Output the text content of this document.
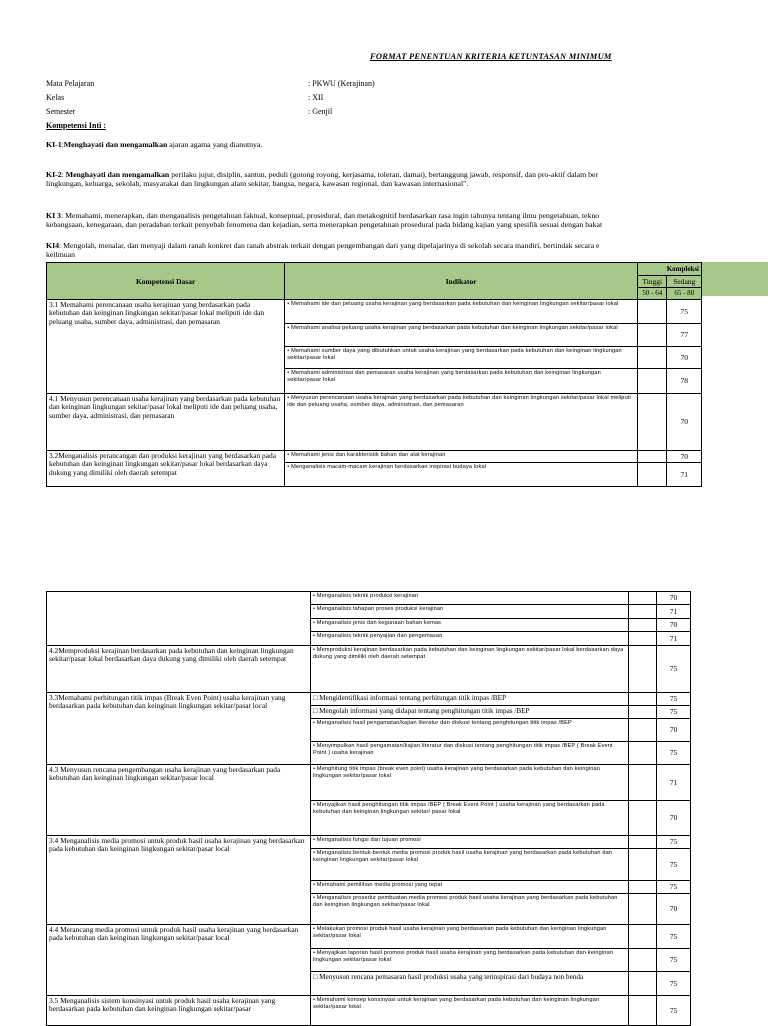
FORMAT PENENTUAN KRITERIA KETUNTASAN MINIMUM
Mata Pelajaran	: PKWU (Kerajinan)
Kelas	: XII
Semester	: Genjil
Kompetensi Inti :
KI-1:Menghayati dan mengamalkan ajaran agama yang dianutnya.
KI-2: Menghayati dan mengamalkan perilaku jujur, disiplin, santun, peduli (gotong royong, kerjasama, toleran, damai), bertanggung jawab, responsif, dan pro-aktif dalam ber
lingkungan, keluarga, sekolah, masyarakat dan lingkungan alam sekitar, bangsa, negara, kawasan regional, dan kawasan internasional".
KI 3: Memahami, menerapkan, dan menganalisis pengetahuan faktual, konseptual, prosedural, dan metakognitif berdasarkan rasa ingin tahunya tentang ilmu pengetahuan, tekno
kebangsaan, kenegaraan, dan peradaban terkait penyebab fenomena dan kejadian, serta menerapkan pengetahuan prosedural pada bidang kajian yang spesifik sesuai dengan bakat
KI4: Mengolah, menalar, dan menyaji dalam ranah konkret dan ranah abstrak terkait dengan pengembangan dari yang dipelajarinya di sekolah secara mandiri, bertindak secara e
keilmuan
Kompetensi Dasar	Indikator	Kompleksi	
		Tinggi	Sedang
		50 - 64	65 - 80
3.1 Memahami perencanaan usaha kerajinan yang berdasarkan pada kebutuhan dan keinginan lingkungan sekitar/pasar lokal meliputi ide dan peluang usaha, sumber daya, administrasi, dan pemasaran	• Memahami ide dan peluang usaha kerajinan yang berdasarkan pada kebutuhan dan keinginan lingkungan sekitar/pasar lokal		75
	• Memahami analisa peluang usaha kerajinan yang berdasarkan pada kebutuhan dan keinginan lingkungan sekitar/pasar lokal		77
	• Memahami sumber daya yang dibutuhkan untuk usaha kerajinan yang berdasarkan pada kebutuhan dan keinginan lingkungan sekitar/pasar lokal		70
	• Memahami administrasi dan pemasaran usaha kerajinan yang berdasarkan pada kebutuhan dan keinginan lingkungan sekitar/pasar lokal		78
4.1 Menyusun perencanaan usaha kerajinan yang berdasarkan pada kebutuhan dan keinginan lingkungan sekitar/pasar lokal meliputi ide dan peluang usaha, sumber daya, administrasi, dan pemasaran	• Menyusun perencanaan usaha kerajinan yang berdasarkan pada kebutuhan dan keinginan lingkungan sekitar/pasar lokal meliputi ide dan peluang usaha, sumber daya, administrasi, dan pemasaran		70
3.2Menganalisis perancangan dan produksi kerajinan yang berdasarkan pada kebutuhan dan keinginan lingkungan sekitar/pasar lokal berdasarkan daya dukung yang dimiliki oleh daerah setempat	• Memahami jenis dan karakteristik bahan dan alat kerajinan		70
	• Menganalisis macam-macam kerajinan berdasarkan inspirasi budaya lokal		71
	• Menganalisis teknik produksi kerajinan		70
	• Menganalisis tahapan proses produksi kerajinan		71
	• Menganalisis jenis dan kegunaan bahan kemas		70
	• Menganalisis teknik penyajian dan pengemasan		71
4.2Memproduksi kerajinan berdasarkan pada kebutuhan dan keinginan lingkungan sekitar/pasar lokal berdasarkan daya dukung yang dimiliki oleh daerah setempat	• Memproduksi kerajinan berdasarkan pada kebutuhan dan keinginan lingkungan sekitar/pasar lokal berdasarkan daya dukung yang dimiliki oleh daerah setempat		75
3.3Memahami perhitungan titik impas (Break Even Point) usaha kerajinan yang berdasarkan pada kebutuhan dan keinginan lingkungan sekitar/pasar local	□ Mengidentifikasi informasi tentang perhitungan titik impas /BEP		75
	□ Mengolah informasi yang didapat tentang penghitungan titik impas /BEP		75
	• Menganalisis hasil pengamatan/kajian literatur dan diskusi tentang penghitungan titik impas /BEP		70
	• Menyimpulkan hasil pengamatan/kajian literatur dan diskusi tentang penghitungan titik impas /BEP ( Break Event Point ) usaha kerajinan		75
4.3 Menyusun rencana pengembangan usaha kerajinan yang berdasarkan pada kebutuhan dan keinginan lingkungan sekitar/pasar local	• Menghitung titik impas (break even point) usaha kerajinan yang berdasarkan pada kebutuhan dan keinginan lingkungan sekitar/pasar lokal		71
	• Menyajikan hasil penghitungan titik impas /BEP ( Break Event Point ) usaha kerajinan yang berdasarkan pada kebutuhan dan keinginan lingkungan sekitar/ pasar lokal		70
3.4 Menganalisis media promosi untuk produk hasil usaha kerajinan yang berdasarkan pada kebutuhan dan keinginan lingkungan sekitar/pasar local	• Menganalisis fungsi dan tujuan promosi		75
	• Menganalisis bentuk-bentuk media promosi produk hasil usaha kerajinan yang berdasarkan pada kebutuhan dan keinginan lingkungan sekitar/pasar lokal		75
	• Memahami pemilihan media promosi yang tepat		75
	• Menganalisis prosedur pembuatan media promosi produk hasil usaha kerajinan yang berdasarkan pada kebutuhan dan keinginan lingkungan sekitar/pasar lokal		70
4.4 Merancang media promosi untuk produk hasil usaha kerajinan yang berdasarkan pada kebutuhan dan keinginan lingkungan sekitar/pasar local	• Melakukan promosi produk hasil usaha kerajinan yang berdasarkan pada kebutuhan dan keinginan lingkungan sekitar/pasar lokal		75
	• Menyajikan laporan hasil promosi produk hasil usaha kerajinan yang berdasarkan pada kebutuhan dan keinginan lingkungan sekitar/pasar lokal		75
	□ Menyusun rencana pemasaran hasil produksi usaha yang terinspirasi dari budaya non benda		75
3.5 Menganalisis sistem konsinyasi untuk produk hasil usaha kerajinan yang berdasarkan pada kebutuhan dan keinginan lingkungan sekitar/pasar	• Memahami konsep konsinyasi untuk kerajinan yang berdasarkan pada kebutuhan dan keinginan lingkungan sekitar/pasar lokal		75
